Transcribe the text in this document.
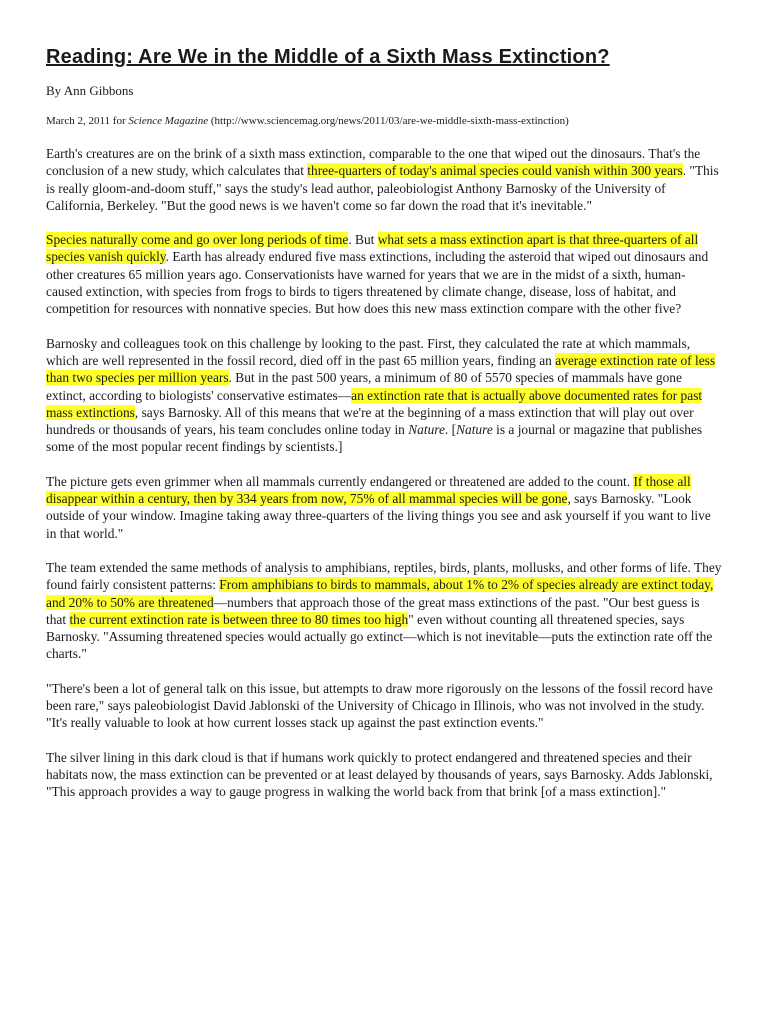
Reading: Are We in the Middle of a Sixth Mass Extinction?

By Ann Gibbons

March 2, 2011 for Science Magazine (http://www.sciencemag.org/news/2011/03/are-we-middle-sixth-mass-extinction)

Earth's creatures are on the brink of a sixth mass extinction, comparable to the one that wiped out the dinosaurs. That's the conclusion of a new study, which calculates that three-quarters of today's animal species could vanish within 300 years. "This is really gloom-and-doom stuff," says the study's lead author, paleobiologist Anthony Barnosky of the University of California, Berkeley. "But the good news is we haven't come so far down the road that it's inevitable."

Species naturally come and go over long periods of time. But what sets a mass extinction apart is that three-quarters of all species vanish quickly. Earth has already endured five mass extinctions, including the asteroid that wiped out dinosaurs and other creatures 65 million years ago. Conservationists have warned for years that we are in the midst of a sixth, human-caused extinction, with species from frogs to birds to tigers threatened by climate change, disease, loss of habitat, and competition for resources with nonnative species. But how does this new mass extinction compare with the other five?

Barnosky and colleagues took on this challenge by looking to the past. First, they calculated the rate at which mammals, which are well represented in the fossil record, died off in the past 65 million years, finding an average extinction rate of less than two species per million years. But in the past 500 years, a minimum of 80 of 5570 species of mammals have gone extinct, according to biologists' conservative estimates—an extinction rate that is actually above documented rates for past mass extinctions, says Barnosky. All of this means that we're at the beginning of a mass extinction that will play out over hundreds or thousands of years, his team concludes online today in Nature. [Nature is a journal or magazine that publishes some of the most popular recent findings by scientists.]

The picture gets even grimmer when all mammals currently endangered or threatened are added to the count. If those all disappear within a century, then by 334 years from now, 75% of all mammal species will be gone, says Barnosky. "Look outside of your window. Imagine taking away three-quarters of the living things you see and ask yourself if you want to live in that world."

The team extended the same methods of analysis to amphibians, reptiles, birds, plants, mollusks, and other forms of life. They found fairly consistent patterns: From amphibians to birds to mammals, about 1% to 2% of species already are extinct today, and 20% to 50% are threatened—numbers that approach those of the great mass extinctions of the past. "Our best guess is that the current extinction rate is between three to 80 times too high" even without counting all threatened species, says Barnosky. "Assuming threatened species would actually go extinct—which is not inevitable—puts the extinction rate off the charts."

"There's been a lot of general talk on this issue, but attempts to draw more rigorously on the lessons of the fossil record have been rare," says paleobiologist David Jablonski of the University of Chicago in Illinois, who was not involved in the study. "It's really valuable to look at how current losses stack up against the past extinction events."

The silver lining in this dark cloud is that if humans work quickly to protect endangered and threatened species and their habitats now, the mass extinction can be prevented or at least delayed by thousands of years, says Barnosky. Adds Jablonski, "This approach provides a way to gauge progress in walking the world back from that brink [of a mass extinction]."
